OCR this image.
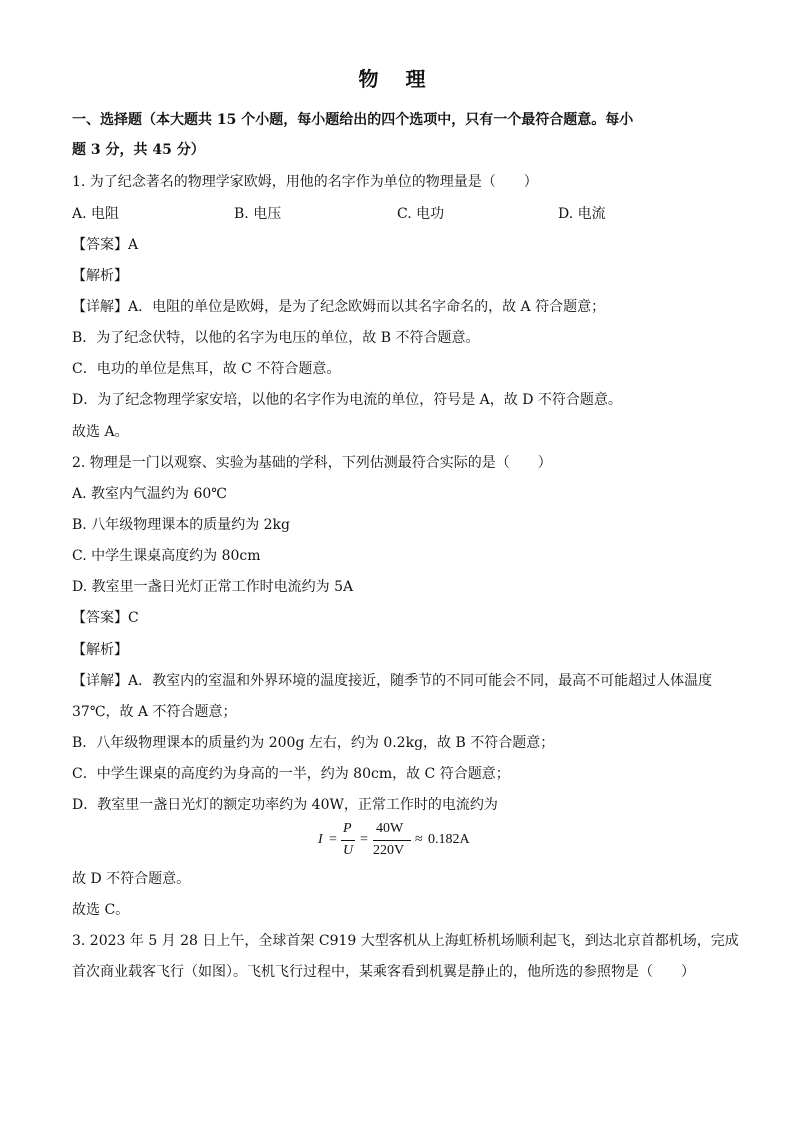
物 理
一、选择题（本大题共 15 个小题，每小题给出的四个选项中，只有一个最符合题意。每小
题 3 分，共 45 分）
1. 为了纪念著名的物理学家欧姆，用他的名字作为单位的物理量是（　　）
A. 电阻	B. 电压	C. 电功	D. 电流
【答案】A
【解析】
【详解】A．电阻的单位是欧姆，是为了纪念欧姆而以其名字命名的，故 A 符合题意；
B．为了纪念伏特，以他的名字为电压的单位，故 B 不符合题意。
C．电功的单位是焦耳，故 C 不符合题意。
D．为了纪念物理学家安培，以他的名字作为电流的单位，符号是 A，故 D 不符合题意。
故选 A。
2. 物理是一门以观察、实验为基础的学科，下列估测最符合实际的是（　　）
A. 教室内气温约为 60℃
B. 八年级物理课本的质量约为 2kg
C. 中学生课桌高度约为 80cm
D. 教室里一盏日光灯正常工作时电流约为 5A
【答案】C
【解析】
【详解】A．教室内的室温和外界环境的温度接近，随季节的不同可能会不同，最高不可能超过人体温度
37℃，故 A 不符合题意；
B．八年级物理课本的质量约为 200g 左右，约为 0.2kg，故 B 不符合题意；
C．中学生课桌的高度约为身高的一半，约为 80cm，故 C 符合题意；
D．教室里一盏日光灯的额定功率约为 40W，正常工作时的电流约为
I =
P
U
=
40W
220V
≈ 0.182A
故 D 不符合题意。
故选 C。
3. 2023 年 5 月 28 日上午，全球首架 C919 大型客机从上海虹桥机场顺利起飞，到达北京首都机场，完成
首次商业载客飞行（如图）。飞机飞行过程中，某乘客看到机翼是静止的，他所选的参照物是（　　）
